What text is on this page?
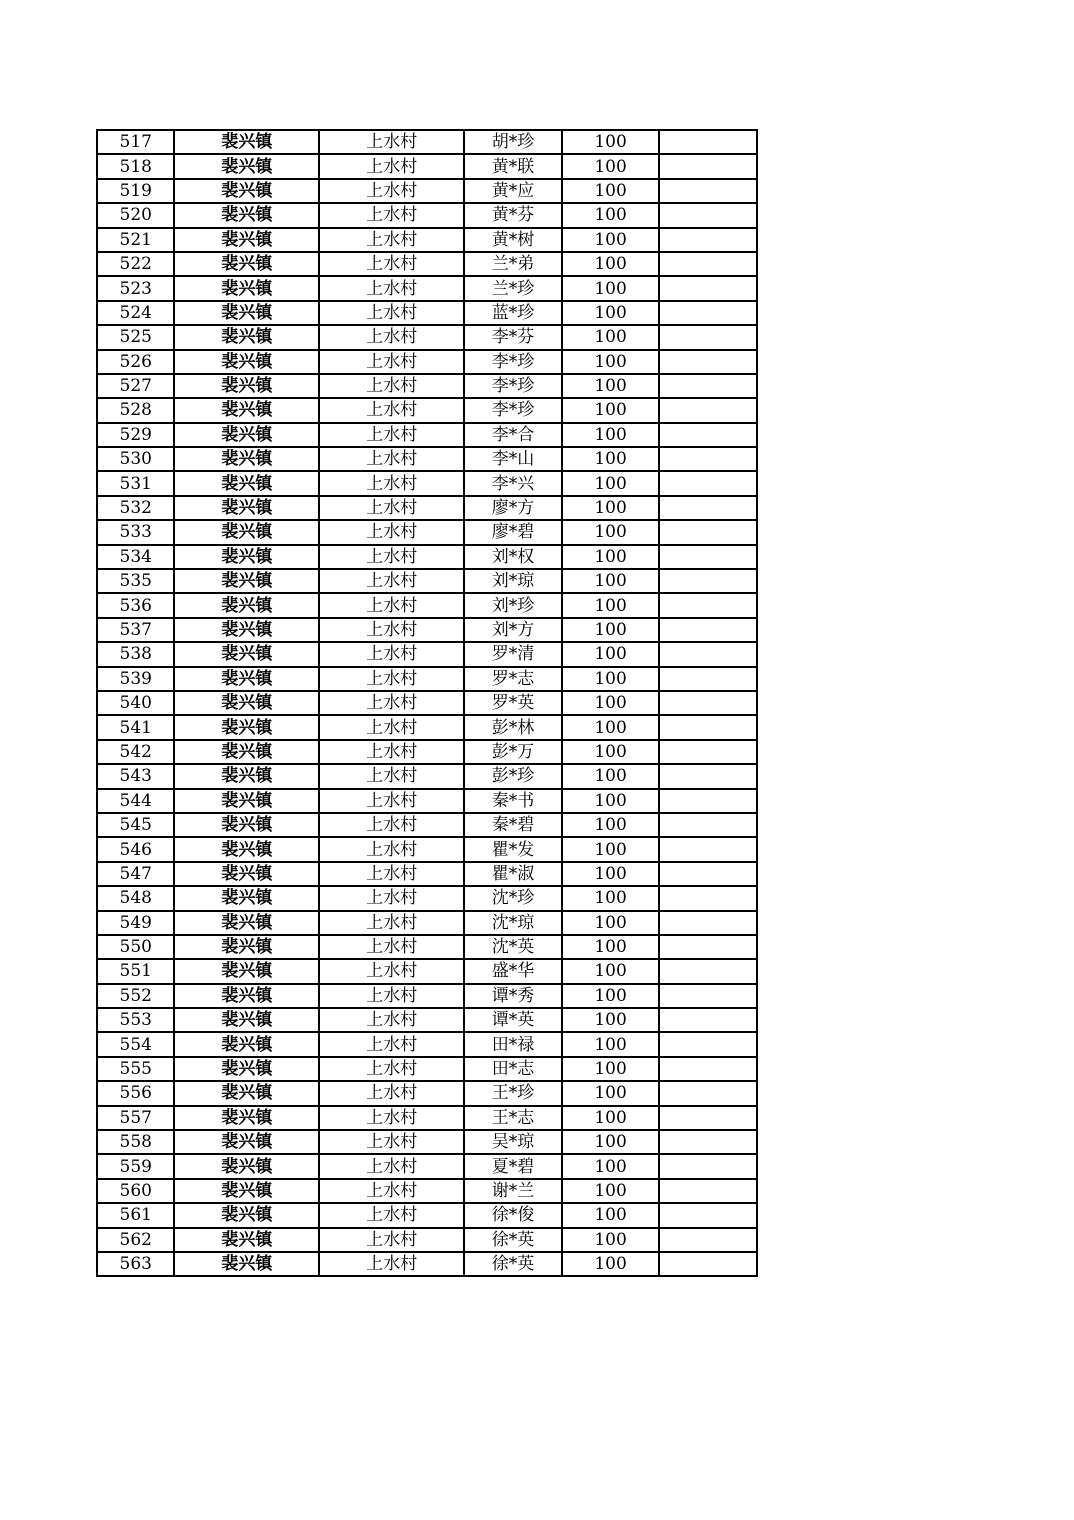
517	裴兴镇	上水村	胡*珍	100	
518	裴兴镇	上水村	黄*联	100	
519	裴兴镇	上水村	黄*应	100	
520	裴兴镇	上水村	黄*芬	100	
521	裴兴镇	上水村	黄*树	100	
522	裴兴镇	上水村	兰*弟	100	
523	裴兴镇	上水村	兰*珍	100	
524	裴兴镇	上水村	蓝*珍	100	
525	裴兴镇	上水村	李*芬	100	
526	裴兴镇	上水村	李*珍	100	
527	裴兴镇	上水村	李*珍	100	
528	裴兴镇	上水村	李*珍	100	
529	裴兴镇	上水村	李*合	100	
530	裴兴镇	上水村	李*山	100	
531	裴兴镇	上水村	李*兴	100	
532	裴兴镇	上水村	廖*方	100	
533	裴兴镇	上水村	廖*碧	100	
534	裴兴镇	上水村	刘*权	100	
535	裴兴镇	上水村	刘*琼	100	
536	裴兴镇	上水村	刘*珍	100	
537	裴兴镇	上水村	刘*方	100	
538	裴兴镇	上水村	罗*清	100	
539	裴兴镇	上水村	罗*志	100	
540	裴兴镇	上水村	罗*英	100	
541	裴兴镇	上水村	彭*林	100	
542	裴兴镇	上水村	彭*万	100	
543	裴兴镇	上水村	彭*珍	100	
544	裴兴镇	上水村	秦*书	100	
545	裴兴镇	上水村	秦*碧	100	
546	裴兴镇	上水村	瞿*发	100	
547	裴兴镇	上水村	瞿*淑	100	
548	裴兴镇	上水村	沈*珍	100	
549	裴兴镇	上水村	沈*琼	100	
550	裴兴镇	上水村	沈*英	100	
551	裴兴镇	上水村	盛*华	100	
552	裴兴镇	上水村	谭*秀	100	
553	裴兴镇	上水村	谭*英	100	
554	裴兴镇	上水村	田*禄	100	
555	裴兴镇	上水村	田*志	100	
556	裴兴镇	上水村	王*珍	100	
557	裴兴镇	上水村	王*志	100	
558	裴兴镇	上水村	吴*琼	100	
559	裴兴镇	上水村	夏*碧	100	
560	裴兴镇	上水村	谢*兰	100	
561	裴兴镇	上水村	徐*俊	100	
562	裴兴镇	上水村	徐*英	100	
563	裴兴镇	上水村	徐*英	100	
